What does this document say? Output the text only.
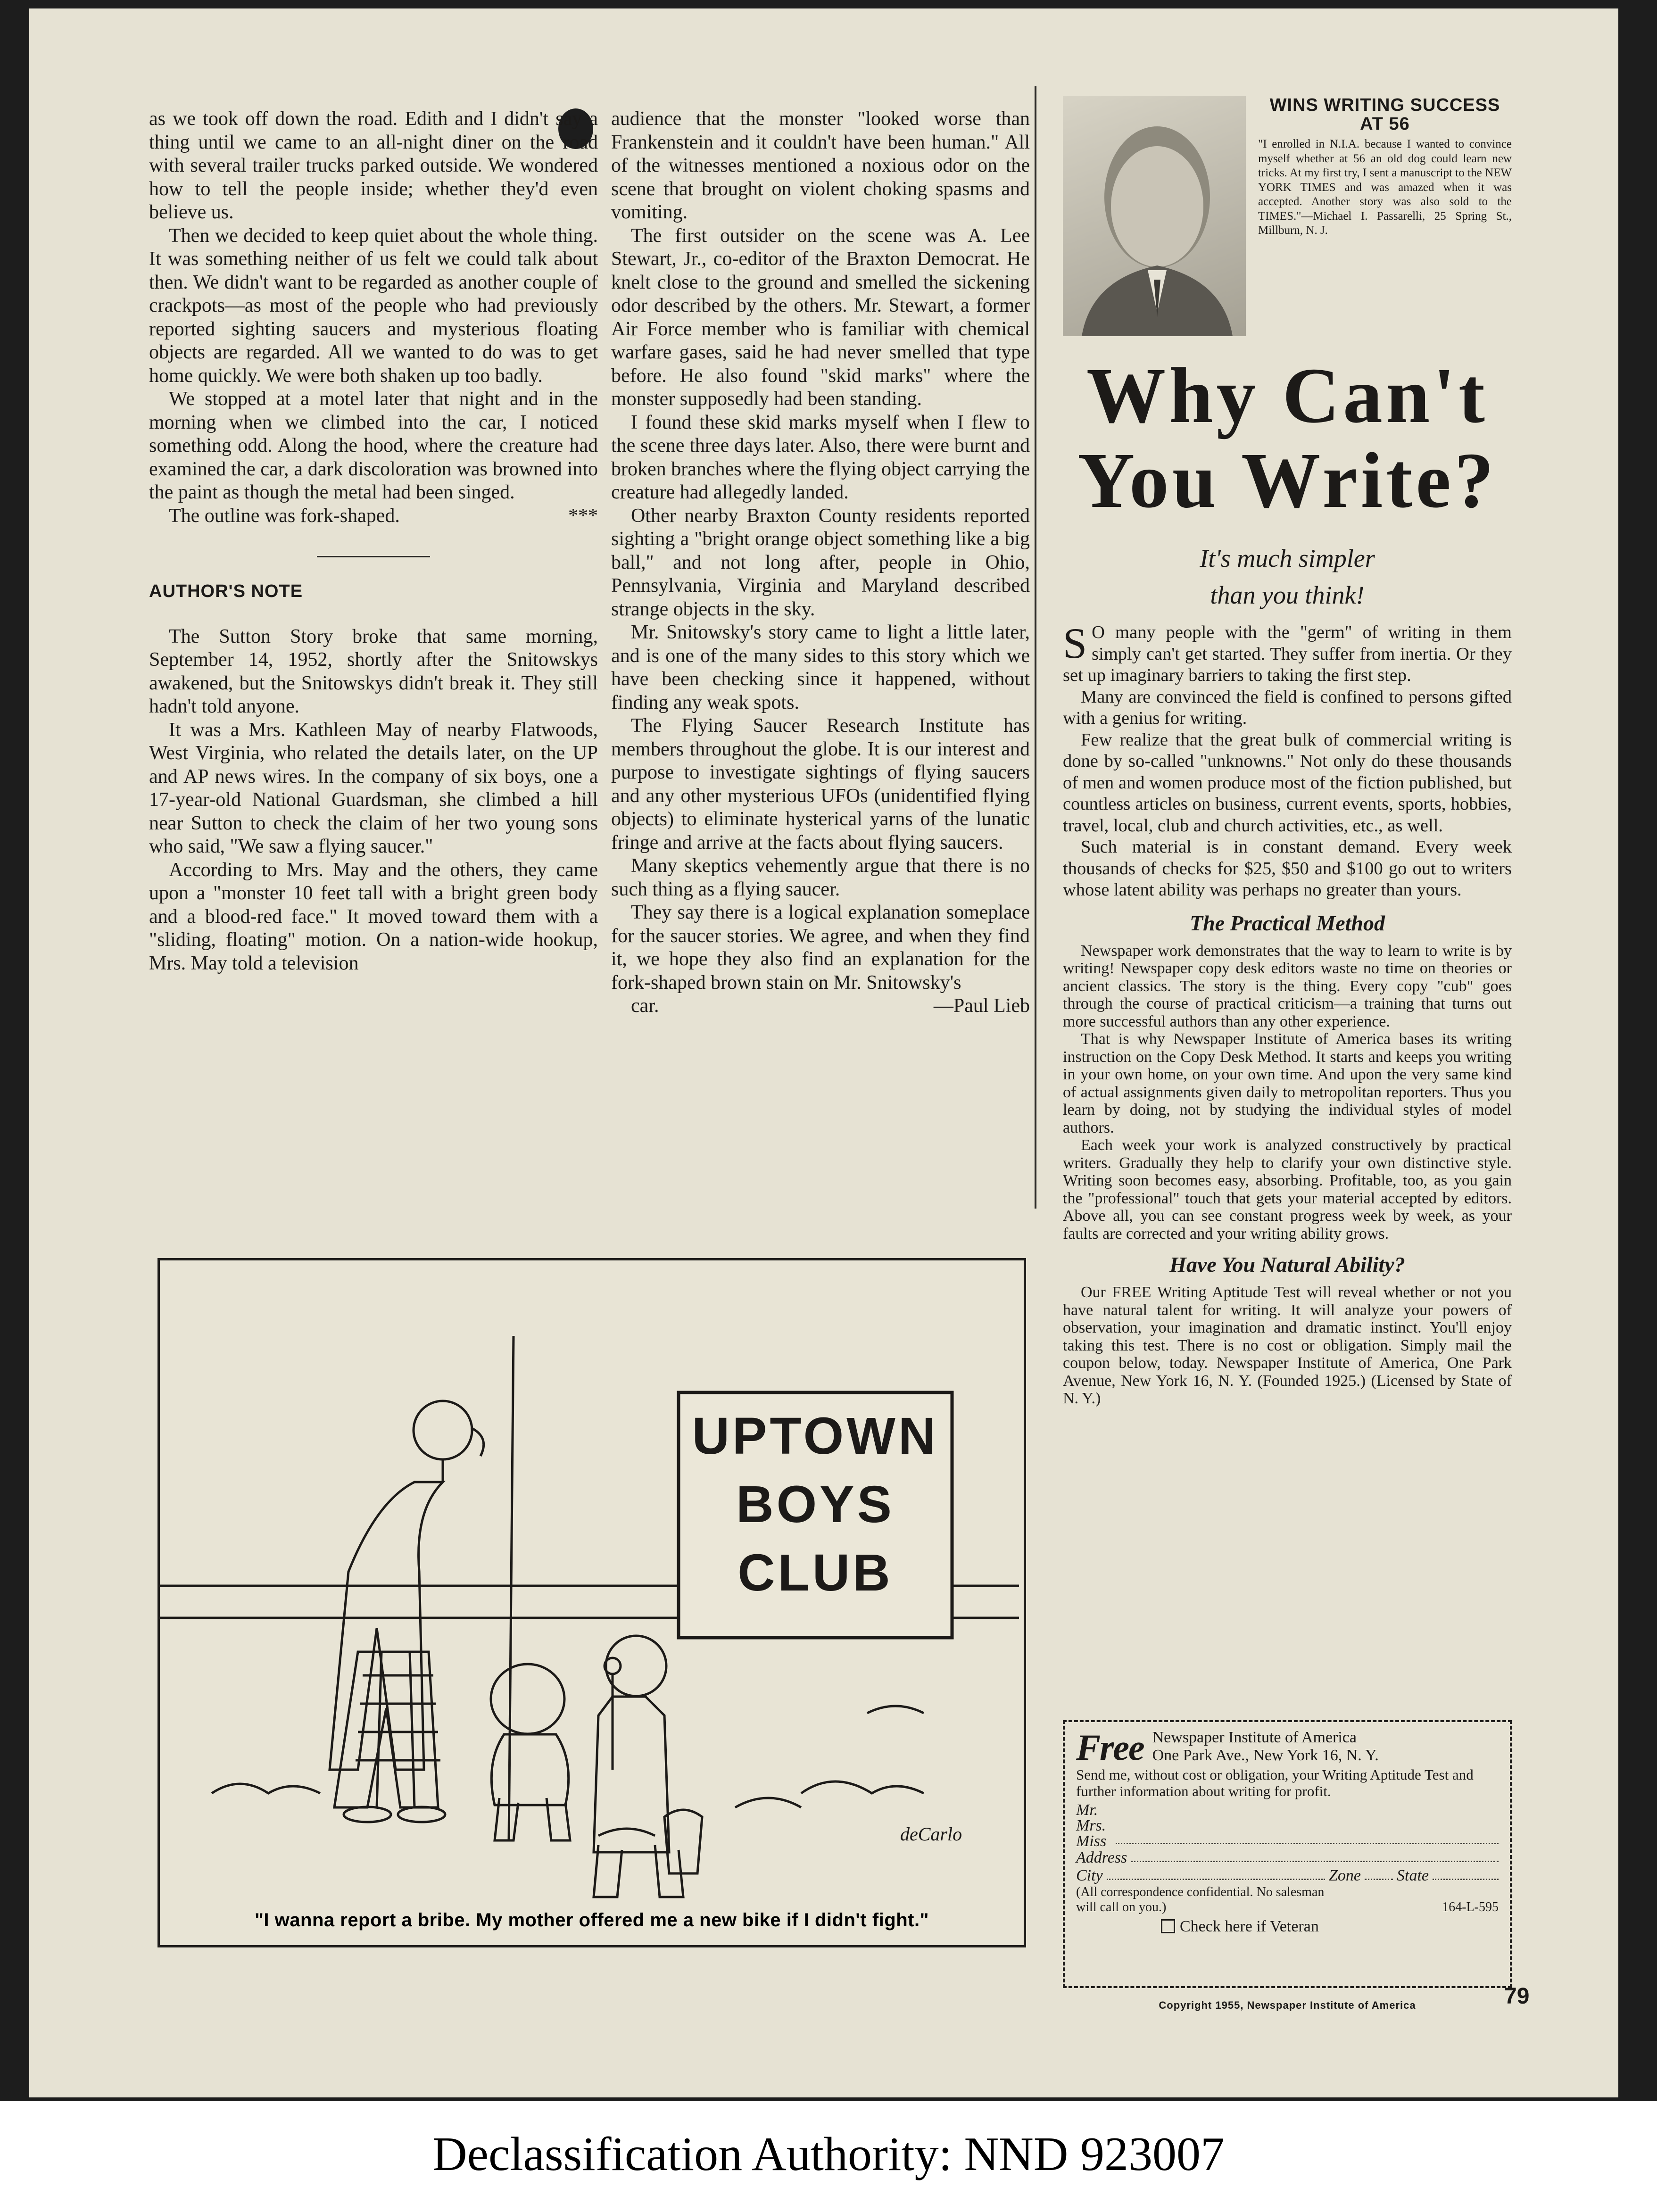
as we took off down the road. Edith and I didn't say a thing until we came to an all-night diner on the road with several trailer trucks parked outside. We wondered how to tell the people inside; whether they'd even believe us.

Then we decided to keep quiet about the whole thing. It was something neither of us felt we could talk about then. We didn't want to be regarded as another couple of crackpots—as most of the people who had previously reported sighting saucers and mysterious floating objects are regarded. All we wanted to do was to get home quickly. We were both shaken up too badly.

We stopped at a motel later that night and in the morning when we climbed into the car, I noticed something odd. Along the hood, where the creature had examined the car, a dark discoloration was browned into the paint as though the metal had been singed.

The outline was fork-shaped.	***

AUTHOR'S NOTE

The Sutton Story broke that same morning, September 14, 1952, shortly after the Snitowskys awakened, but the Snitowskys didn't break it. They still hadn't told anyone.

It was a Mrs. Kathleen May of nearby Flatwoods, West Virginia, who related the details later, on the UP and AP news wires. In the company of six boys, one a 17-year-old National Guardsman, she climbed a hill near Sutton to check the claim of her two young sons who said, "We saw a flying saucer."

According to Mrs. May and the others, they came upon a "monster 10 feet tall with a bright green body and a blood-red face." It moved toward them with a "sliding, floating" motion. On a nation-wide hookup, Mrs. May told a television

audience that the monster "looked worse than Frankenstein and it couldn't have been human." All of the witnesses mentioned a noxious odor on the scene that brought on violent choking spasms and vomiting.

The first outsider on the scene was A. Lee Stewart, Jr., co-editor of the Braxton Democrat. He knelt close to the ground and smelled the sickening odor described by the others. Mr. Stewart, a former Air Force member who is familiar with chemical warfare gases, said he had never smelled that type before. He also found "skid marks" where the monster supposedly had been standing.

I found these skid marks myself when I flew to the scene three days later. Also, there were burnt and broken branches where the flying object carrying the creature had allegedly landed.

Other nearby Braxton County residents reported sighting a "bright orange object something like a big ball," and not long after, people in Ohio, Pennsylvania, Virginia and Maryland described strange objects in the sky.

Mr. Snitowsky's story came to light a little later, and is one of the many sides to this story which we have been checking since it happened, without finding any weak spots.

The Flying Saucer Research Institute has members throughout the globe. It is our interest and purpose to investigate sightings of flying saucers and any other mysterious UFOs (unidentified flying objects) to eliminate hysterical yarns of the lunatic fringe and arrive at the facts about flying saucers.

Many skeptics vehemently argue that there is no such thing as a flying saucer.

They say there is a logical explanation someplace for the saucer stories. We agree, and when they find it, we hope they also find an explanation for the fork-shaped brown stain on Mr. Snitowsky's

car.	—Paul Lieb

UPTOWN
BOYS
CLUB
deCarlo
"I wanna report a bribe. My mother offered me a new bike if I didn't fight."
WINS WRITING SUCCESS AT 56
"I enrolled in N.I.A. because I wanted to convince myself whether at 56 an old dog could learn new tricks. At my first try, I sent a manuscript to the NEW YORK TIMES and was amazed when it was accepted. Another story was also sold to the TIMES."—Michael I. Passarelli, 25 Spring St., Millburn, N. J.
Why Can't
You Write?
It's much simpler
than you think!

S O many people with the "germ" of writing in them simply can't get started. They suffer from inertia. Or they set up imaginary barriers to taking the first step.

Many are convinced the field is confined to persons gifted with a genius for writing.

Few realize that the great bulk of commercial writing is done by so-called "unknowns." Not only do these thousands of men and women produce most of the fiction published, but countless articles on business, current events, sports, hobbies, travel, local, club and church activities, etc., as well.

Such material is in constant demand. Every week thousands of checks for $25, $50 and $100 go out to writers whose latent ability was perhaps no greater than yours.

The Practical Method

Newspaper work demonstrates that the way to learn to write is by writing! Newspaper copy desk editors waste no time on theories or ancient classics. The story is the thing. Every copy "cub" goes through the course of practical criticism—a training that turns out more successful authors than any other experience.

That is why Newspaper Institute of America bases its writing instruction on the Copy Desk Method. It starts and keeps you writing in your own home, on your own time. And upon the very same kind of actual assignments given daily to metropolitan reporters. Thus you learn by doing, not by studying the individual styles of model authors.

Each week your work is analyzed constructively by practical writers. Gradually they help to clarify your own distinctive style. Writing soon becomes easy, absorbing. Profitable, too, as you gain the "professional" touch that gets your material accepted by editors. Above all, you can see constant progress week by week, as your faults are corrected and your writing ability grows.

Have You Natural Ability?

Our FREE Writing Aptitude Test will reveal whether or not you have natural talent for writing. It will analyze your powers of observation, your imagination and dramatic instinct. You'll enjoy taking this test. There is no cost or obligation. Simply mail the coupon below, today. Newspaper Institute of America, One Park Avenue, New York 16, N. Y. (Founded 1925.) (Licensed by State of N. Y.)

Free Newspaper Institute of America
One Park Ave., New York 16, N. Y.
Send me, without cost or obligation, your Writing Aptitude Test and further information about writing for profit.
Mr.
Mrs.
Miss
Address
City	Zone State
(All correspondence confidential. No salesman will call on you.)	164-L-595
Check here if Veteran
Copyright 1955, Newspaper Institute of America	79
Declassification Authority: NND 923007
